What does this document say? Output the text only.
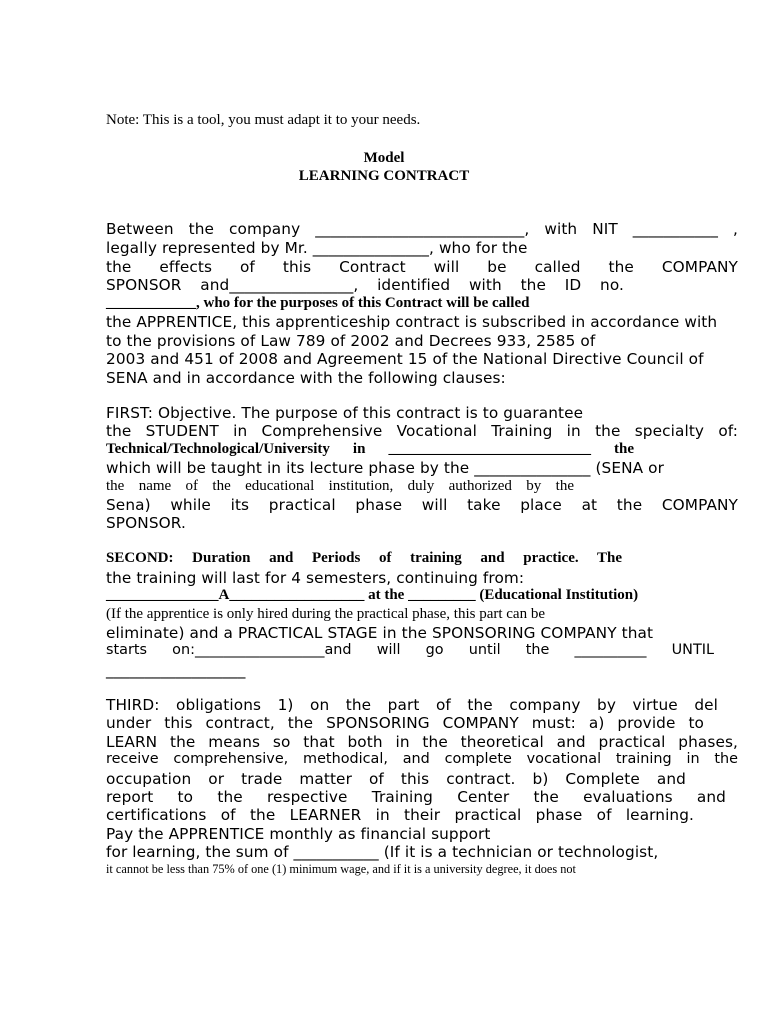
Note: This is a tool, you must adapt it to your needs.
Model
LEARNING CONTRACT
Between the company ___________________________, with NIT ___________ ,
legally represented by Mr. _______________, who for the
the effects of this Contract will be called the COMPANY
SPONSOR and________________, identified with the ID no.
____________, who for the purposes of this Contract will be called
the APPRENTICE, this apprenticeship contract is subscribed in accordance with
to the provisions of Law 789 of 2002 and Decrees 933, 2585 of
2003 and 451 of 2008 and Agreement 15 of the National Directive Council of
SENA and in accordance with the following clauses:
FIRST: Objective. The purpose of this contract is to guarantee
the STUDENT in Comprehensive Vocational Training in the specialty of:
Technical/Technological/University in ___________________________ the
which will be taught in its lecture phase by the _______________ (SENA or
the name of the educational institution, duly authorized by the
Sena) while its practical phase will take place at the COMPANY
SPONSOR.
SECOND: Duration and Periods of training and practice. The
the training will last for 4 semesters, continuing from:
_______________A__________________ at the _________ (Educational Institution)
(If the apprentice is only hired during the practical phase, this part can be
eliminate) and a PRACTICAL STAGE in the SPONSORING COMPANY that
starts on:__________________and will go until the __________ UNTIL
__________________
THIRD: obligations 1) on the part of the company by virtue del
under this contract, the SPONSORING COMPANY must: a) provide to
LEARN the means so that both in the theoretical and practical phases,
receive comprehensive, methodical, and complete vocational training in the
occupation or trade matter of this contract. b) Complete and
report to the respective Training Center the evaluations and
certifications of the LEARNER in their practical phase of learning.
Pay the APPRENTICE monthly as financial support
for learning, the sum of ___________ (If it is a technician or technologist,
it cannot be less than 75% of one (1) minimum wage, and if it is a university degree, it does not
